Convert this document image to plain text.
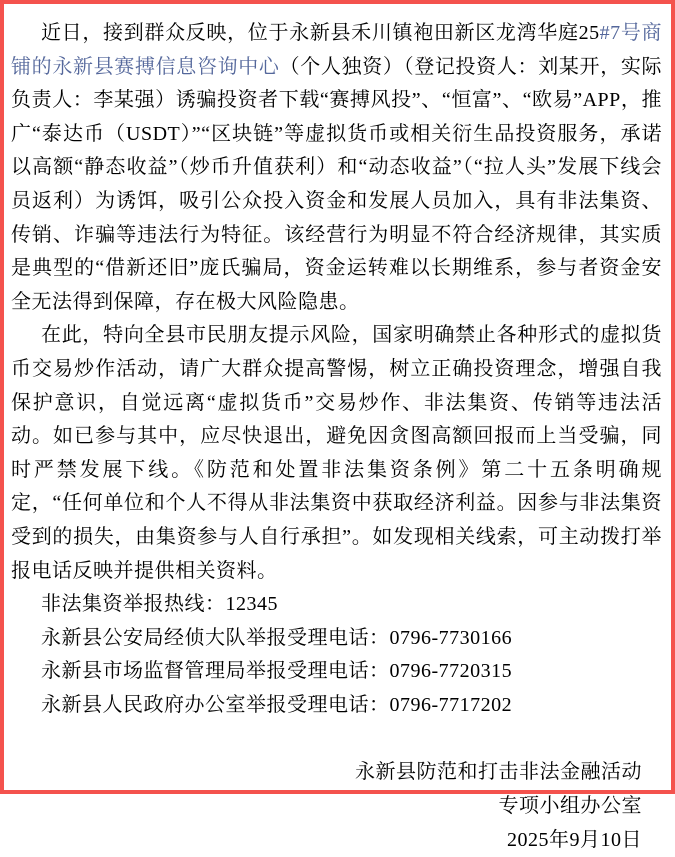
近日，接到群众反映，位于永新县禾川镇袍田新区龙湾华庭25#7号商铺的永新县赛搏信息咨询中心（个人独资）（登记投资人：刘某开，实际负责人：李某强）诱骗投资者下载“赛搏风投”、“恒富”、“欧易”APP，推广“泰达币（USDT）”“区块链”等虚拟货币或相关衍生品投资服务，承诺以高额“静态收益”（炒币升值获利）和“动态收益”（“拉人头”发展下线会员返利）为诱饵，吸引公众投入资金和发展人员加入，具有非法集资、传销、诈骗等违法行为特征。该经营行为明显不符合经济规律，其实质是典型的“借新还旧”庞氏骗局，资金运转难以长期维系，参与者资金安全无法得到保障，存在极大风险隐患。

在此，特向全县市民朋友提示风险，国家明确禁止各种形式的虚拟货币交易炒作活动，请广大群众提高警惕，树立正确投资理念，增强自我保护意识，自觉远离“虚拟货币”交易炒作、非法集资、传销等违法活动。如已参与其中，应尽快退出，避免因贪图高额回报而上当受骗，同时严禁发展下线。《防范和处置非法集资条例》第二十五条明确规定，“任何单位和个人不得从非法集资中获取经济利益。因参与非法集资受到的损失，由集资参与人自行承担”。如发现相关线索，可主动拨打举报电话反映并提供相关资料。

非法集资举报热线：12345

永新县公安局经侦大队举报受理电话：0796-7730166

永新县市场监督管理局举报受理电话：0796-7720315

永新县人民政府办公室举报受理电话：0796-7717202

永新县防范和打击非法金融活动

专项小组办公室

2025年9月10日
